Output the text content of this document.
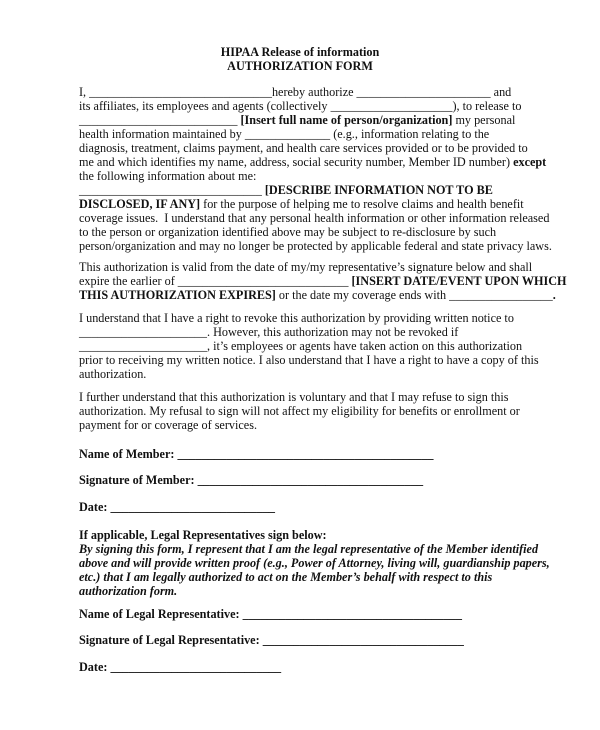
HIPAA Release of information
AUTHORIZATION FORM
I, ______________________________hereby authorize ______________________ and
its affiliates, its employees and agents (collectively ____________________), to release to
__________________________ [Insert full name of person/organization] my personal
health information maintained by ______________ (e.g., information relating to the
diagnosis, treatment, claims payment, and health care services provided or to be provided to
me and which identifies my name, address, social security number, Member ID number) except
the following information about me:
______________________________ [DESCRIBE INFORMATION NOT TO BE
DISCLOSED, IF ANY] for the purpose of helping me to resolve claims and health benefit
coverage issues.  I understand that any personal health information or other information released
to the person or organization identified above may be subject to re-disclosure by such
person/organization and may no longer be protected by applicable federal and state privacy laws.
This authorization is valid from the date of my/my representative’s signature below and shall
expire the earlier of ____________________________ [INSERT DATE/EVENT UPON WHICH
THIS AUTHORIZATION EXPIRES] or the date my coverage ends with _________________.
I understand that I have a right to revoke this authorization by providing written notice to
_____________________. However, this authorization may not be revoked if
_____________________, it’s employees or agents have taken action on this authorization
prior to receiving my written notice. I also understand that I have a right to have a copy of this
authorization.
I further understand that this authorization is voluntary and that I may refuse to sign this
authorization. My refusal to sign will not affect my eligibility for benefits or enrollment or
payment for or coverage of services.
Name of Member: __________________________________________
Signature of Member: _____________________________________
Date: ___________________________
If applicable, Legal Representatives sign below:
By signing this form, I represent that I am the legal representative of the Member identified
above and will provide written proof (e.g., Power of Attorney, living will, guardianship papers,
etc.) that I am legally authorized to act on the Member’s behalf with respect to this
authorization form.
Name of Legal Representative: ____________________________________
Signature of Legal Representative: _________________________________
Date: ____________________________
